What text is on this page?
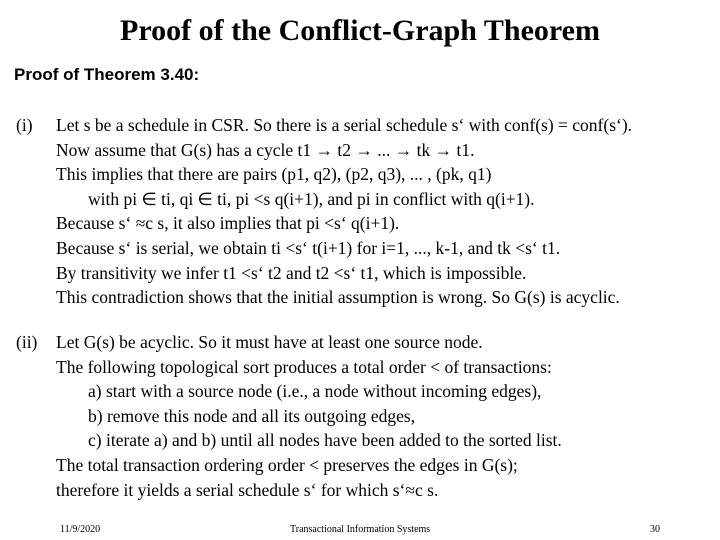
Proof of the Conflict-Graph Theorem
Proof of Theorem 3.40:
(i) Let s be a schedule in CSR. So there is a serial schedule s‘ with conf(s) = conf(s‘).
Now assume that G(s) has a cycle t1 → t2 → ... → tk → t1.
This implies that there are pairs (p1, q2), (p2, q3), ... , (pk, q1)
with pi ∈ ti, qi ∈ ti, pi <s q(i+1), and pi in conflict with q(i+1).
Because s‘ ≈c s, it also implies that pi <s‘ q(i+1).
Because s‘ is serial, we obtain ti <s‘ t(i+1) for i=1, ..., k-1, and tk <s‘ t1.
By transitivity we infer t1 <s‘ t2 and t2 <s‘ t1, which is impossible.
This contradiction shows that the initial assumption is wrong. So G(s) is acyclic.
(ii) Let G(s) be acyclic. So it must have at least one source node.
The following topological sort produces a total order < of transactions:
a) start with a source node (i.e., a node without incoming edges),
b) remove this node and all its outgoing edges,
c) iterate a) and b) until all nodes have been added to the sorted list.
The total transaction ordering order < preserves the edges in G(s);
therefore it yields a serial schedule s‘ for which s‘≈c s.
11/9/2020	Transactional Information Systems	30
